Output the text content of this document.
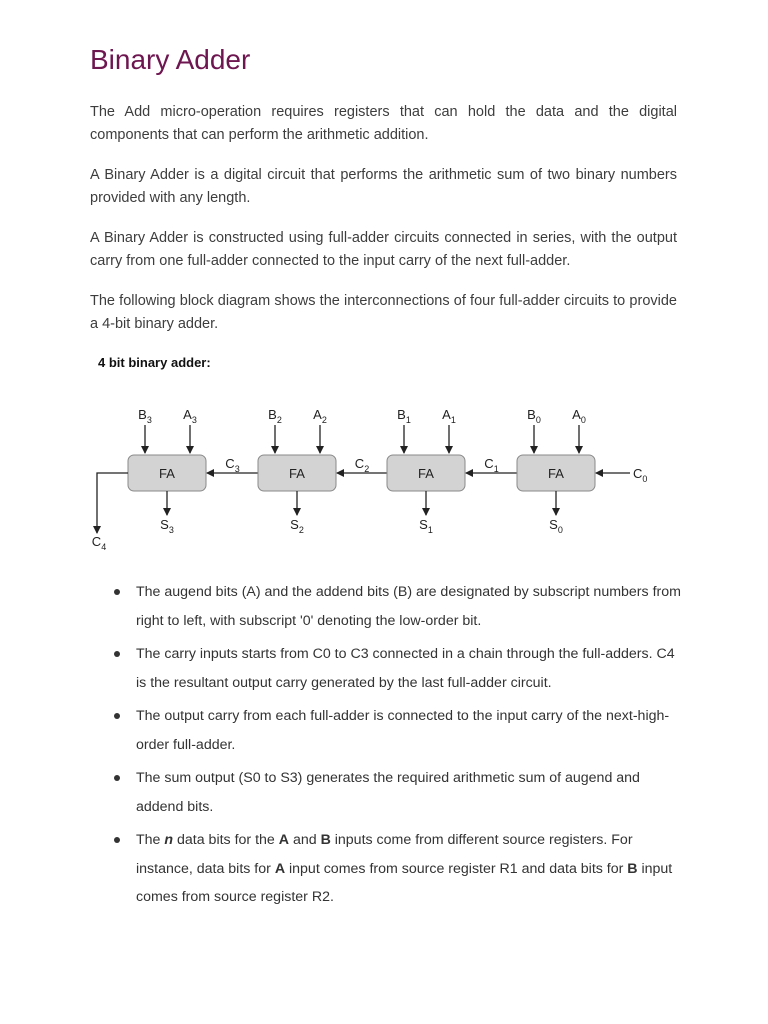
Binary Adder

The Add micro-operation requires registers that can hold the data and the digital components that can perform the arithmetic addition.

A Binary Adder is a digital circuit that performs the arithmetic sum of two binary numbers provided with any length.

A Binary Adder is constructed using full-adder circuits connected in series, with the output carry from one full-adder connected to the input carry of the next full-adder.

The following block diagram shows the interconnections of four full-adder circuits to provide a 4-bit binary adder.

4 bit binary adder:

$B_3$ $A_3$
FA
$S_3$
$C_3$
$B_2$ $A_2$
FA
$S_2$
$C_2$
$B_1$ $A_1$
FA
$S_1$
$C_1$
$B_0$ $A_0$
FA
$S_0$
$C_0$
$C_4$
The augend bits (A) and the addend bits (B) are designated by subscript numbers from right to left, with subscript '0' denoting the low-order bit.
The carry inputs starts from C0 to C3 connected in a chain through the full-adders. C4 is the resultant output carry generated by the last full-adder circuit.
The output carry from each full-adder is connected to the input carry of the next-high-order full-adder.
The sum output (S0 to S3) generates the required arithmetic sum of augend and addend bits.
The n data bits for the A and B inputs come from different source registers. For instance, data bits for A input comes from source register R1 and data bits for B input comes from source register R2.
